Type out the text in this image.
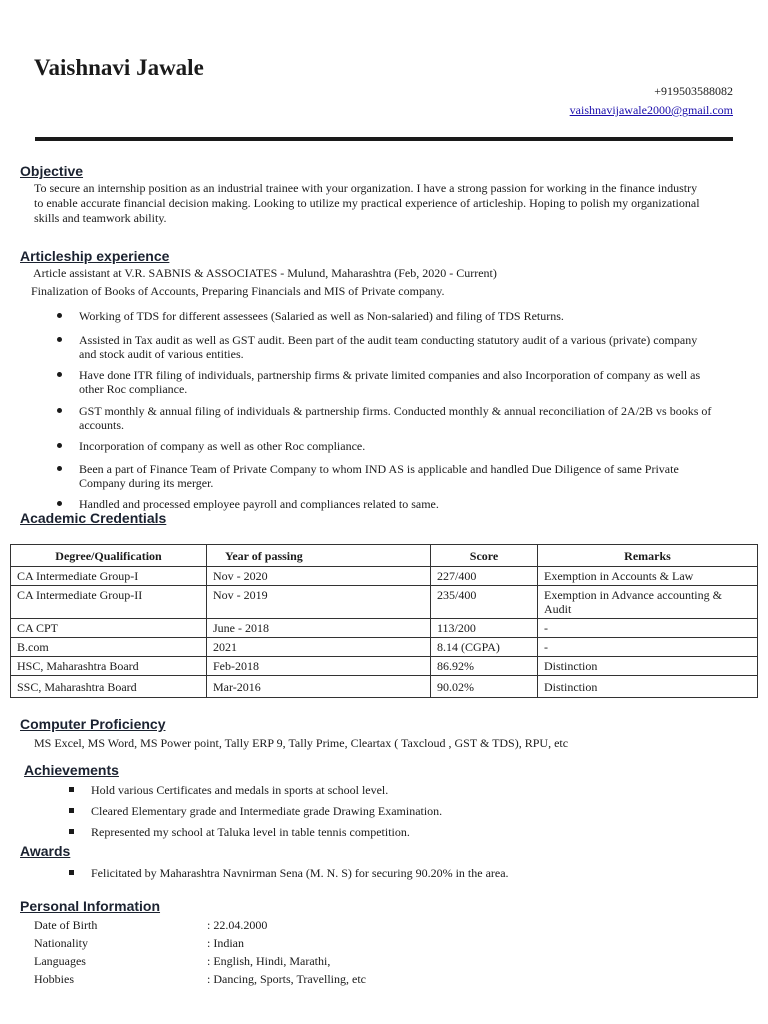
Vaishnavi Jawale
+919503588082
vaishnavijawale2000@gmail.com
Objective
To secure an internship position as an industrial trainee with your organization. I have a strong passion for working in the finance industry
to enable accurate financial decision making. Looking to utilize my practical experience of articleship. Hoping to polish my organizational
skills and teamwork ability.
Articleship experience
Article assistant at V.R. SABNIS & ASSOCIATES - Mulund, Maharashtra (Feb, 2020 - Current)
Finalization of Books of Accounts, Preparing Financials and MIS of Private company.
Working of TDS for different assessees (Salaried as well as Non-salaried) and filing of TDS Returns.
Assisted in Tax audit as well as GST audit. Been part of the audit team conducting statutory audit of a various (private) company
and stock audit of various entities.
Have done ITR filing of individuals, partnership firms & private limited companies and also Incorporation of company as well as
other Roc compliance.
GST monthly & annual filing of individuals & partnership firms. Conducted monthly & annual reconciliation of 2A/2B vs books of
accounts.
Incorporation of company as well as other Roc compliance.
Been a part of Finance Team of Private Company to whom IND AS is applicable and handled Due Diligence of same Private
Company during its merger.
Handled and processed employee payroll and compliances related to same.
Academic Credentials
Degree/Qualification	Year of passing	Score	Remarks
CA Intermediate Group-I	Nov - 2020	227/400	Exemption in Accounts & Law
CA Intermediate Group-II	Nov - 2019	235/400	Exemption in Advance accounting & Audit
CA CPT	June - 2018	113/200	-
B.com	2021	8.14 (CGPA)	-
HSC, Maharashtra Board	Feb-2018	86.92%	Distinction
SSC, Maharashtra Board	Mar-2016	90.02%	Distinction
Computer Proficiency
MS Excel, MS Word, MS Power point, Tally ERP 9, Tally Prime, Cleartax ( Taxcloud , GST & TDS), RPU, etc
Achievements
Hold various Certificates and medals in sports at school level.
Cleared Elementary grade and Intermediate grade Drawing Examination.
Represented my school at Taluka level in table tennis competition.
Awards
Felicitated by Maharashtra Navnirman Sena (M. N. S) for securing 90.20% in the area.
Personal Information
Date of Birth	: 22.04.2000
Nationality	: Indian
Languages	: English, Hindi, Marathi,
Hobbies	: Dancing, Sports, Travelling, etc
